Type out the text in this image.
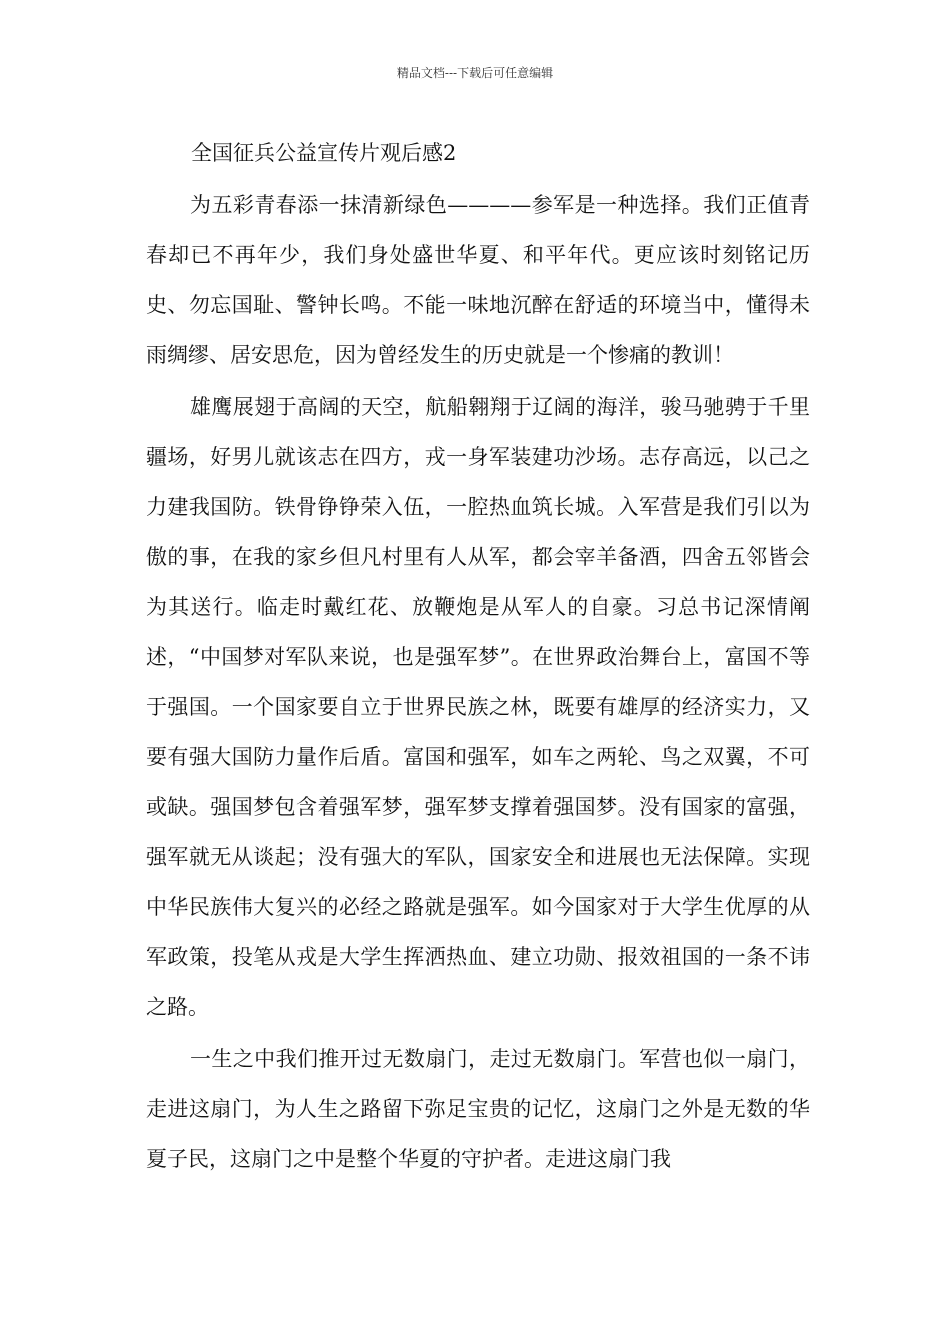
精品文档---下载后可任意编辑
全国征兵公益宣传片观后感2

为五彩青春添一抹清新绿色————参军是一种选择。我们正值青春却已不再年少，我们身处盛世华夏、和平年代。更应该时刻铭记历史、勿忘国耻、警钟长鸣。不能一味地沉醉在舒适的环境当中，懂得未雨绸缪、居安思危，因为曾经发生的历史就是一个惨痛的教训！

雄鹰展翅于高阔的天空，航船翱翔于辽阔的海洋，骏马驰骋于千里疆场，好男儿就该志在四方，戎一身军装建功沙场。志存高远，以己之力建我国防。铁骨铮铮荣入伍，一腔热血筑长城。入军营是我们引以为傲的事，在我的家乡但凡村里有人从军，都会宰羊备酒，四舍五邻皆会为其送行。临走时戴红花、放鞭炮是从军人的自豪。习总书记深情阐述，“中国梦对军队来说，也是强军梦”。在世界政治舞台上，富国不等于强国。一个国家要自立于世界民族之林，既要有雄厚的经济实力，又要有强大国防力量作后盾。富国和强军，如车之两轮、鸟之双翼，不可或缺。强国梦包含着强军梦，强军梦支撑着强国梦。没有国家的富强，强军就无从谈起；没有强大的军队，国家安全和进展也无法保障。实现中华民族伟大复兴的必经之路就是强军。如今国家对于大学生优厚的从军政策，投笔从戎是大学生挥洒热血、建立功勋、报效祖国的一条不讳之路。

一生之中我们推开过无数扇门，走过无数扇门。军营也似一扇门，走进这扇门，为人生之路留下弥足宝贵的记忆，这扇门之外是无数的华夏子民，这扇门之中是整个华夏的守护者。走进这扇门我
